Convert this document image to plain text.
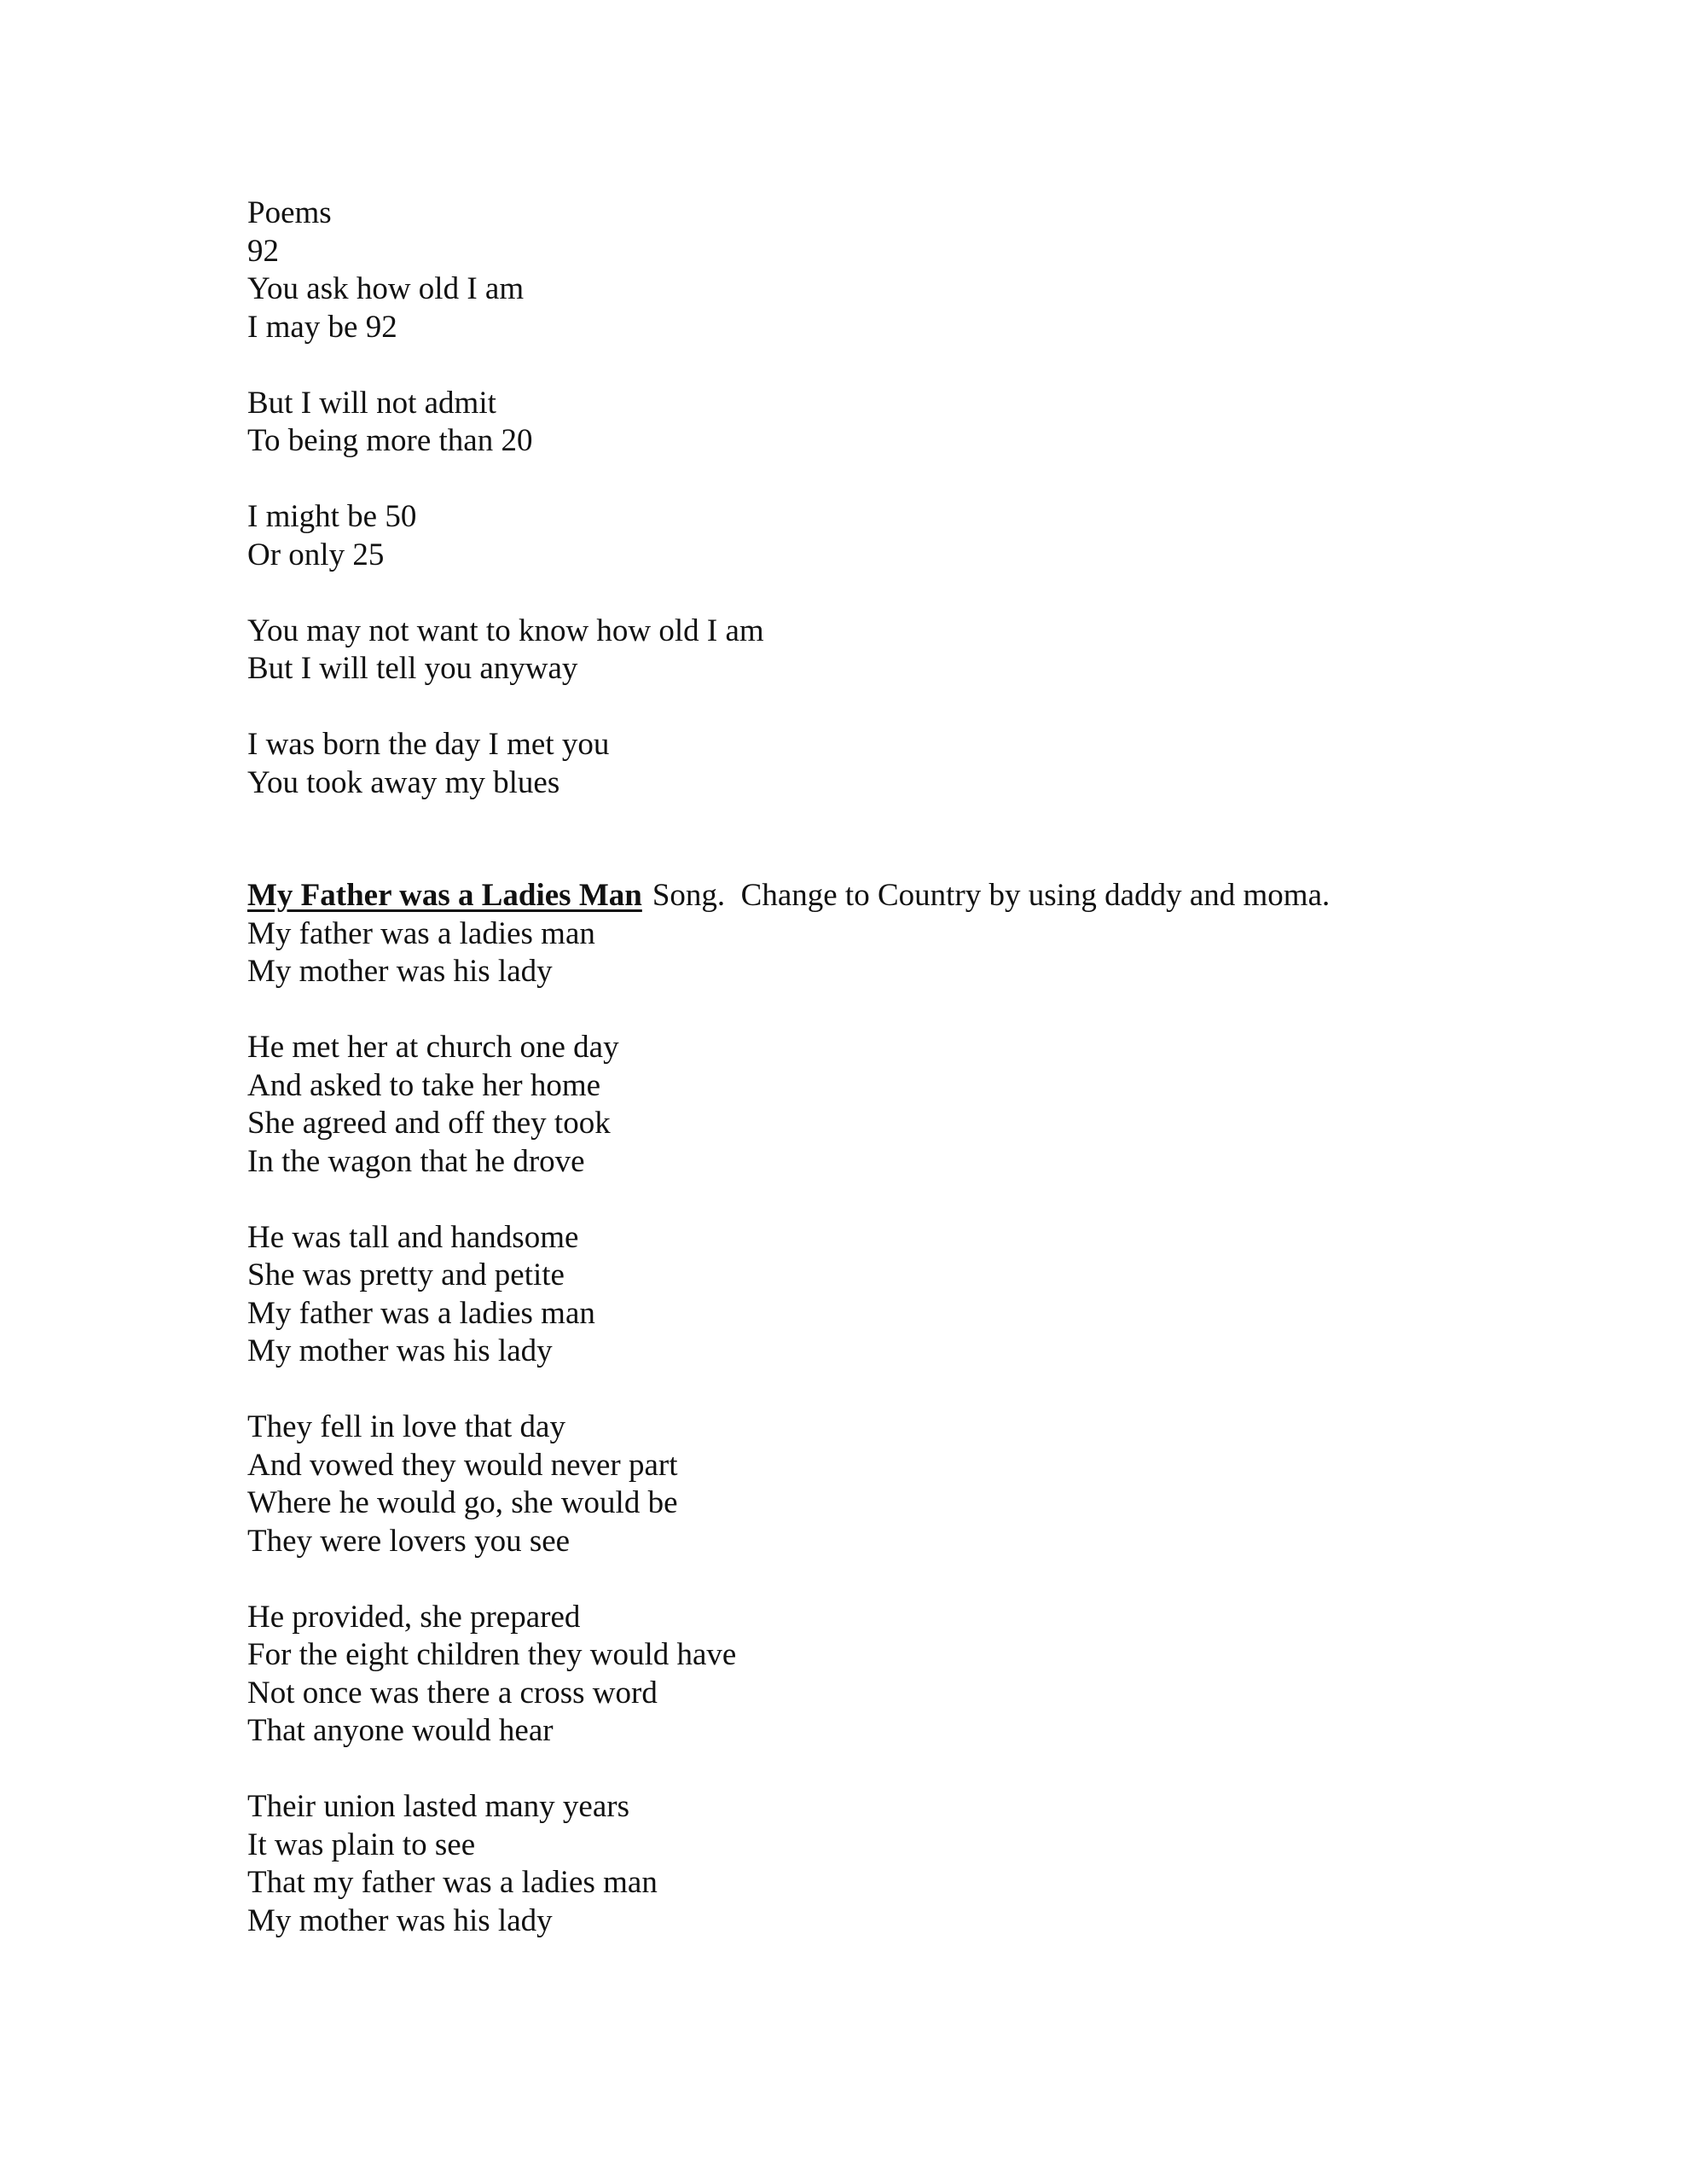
Poems
92
You ask how old I am
I may be 92
But I will not admit
To being more than 20
I might be 50
Or only 25
You may not want to know how old I am
But I will tell you anyway
I was born the day I met you
You took away my blues
My Father was a Ladies Man Song.  Change to Country by using daddy and moma.
My father was a ladies man
My mother was his lady
He met her at church one day
And asked to take her home
She agreed and off they took
In the wagon that he drove
He was tall and handsome
She was pretty and petite
My father was a ladies man
My mother was his lady
They fell in love that day
And vowed they would never part
Where he would go, she would be
They were lovers you see
He provided, she prepared
For the eight children they would have
Not once was there a cross word
That anyone would hear
Their union lasted many years
It was plain to see
That my father was a ladies man
My mother was his lady
